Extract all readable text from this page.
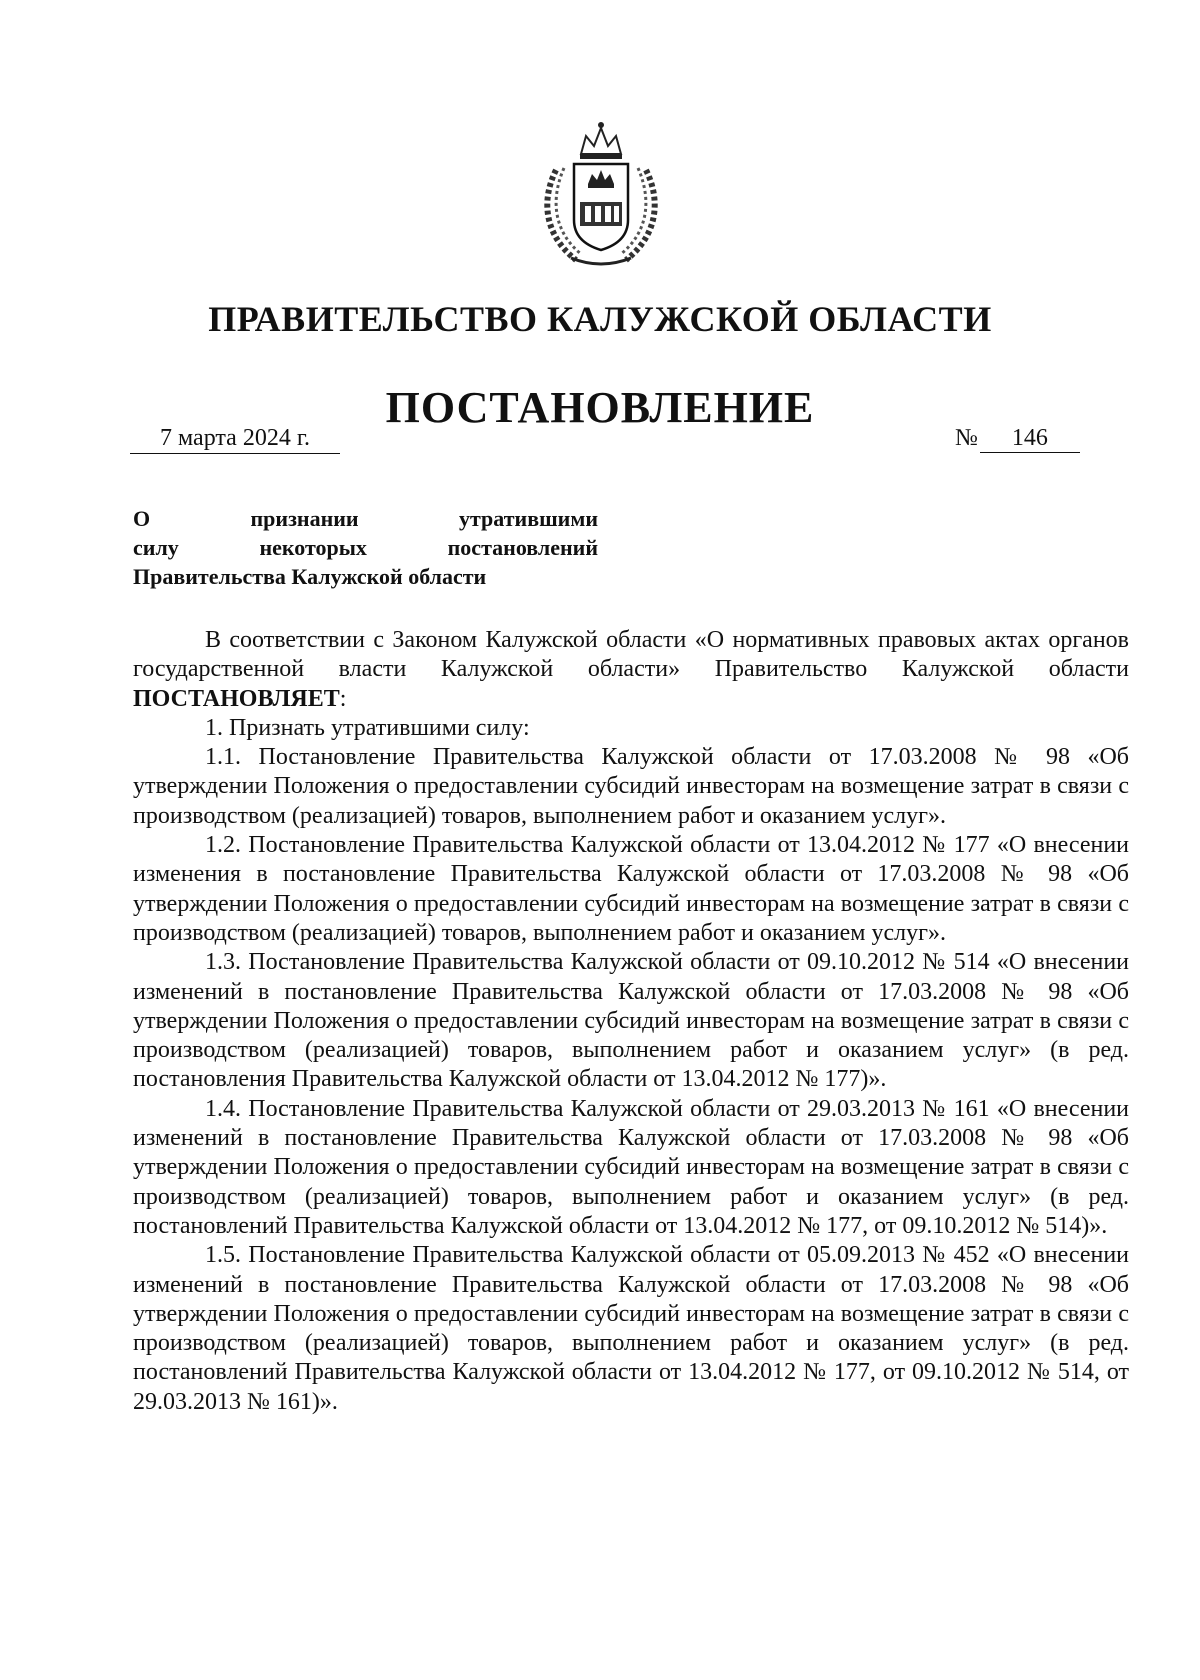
ПРАВИТЕЛЬСТВО КАЛУЖСКОЙ ОБЛАСТИ
ПОСТАНОВЛЕНИЕ
7 марта 2024 г.	№ 146
О признании утратившими
силу некоторых постановлений
Правительства Калужской области

В соответствии с Законом Калужской области «О нормативных правовых актах органов государственной власти Калужской области» Правительство Калужской области ПОСТАНОВЛЯЕТ:

1. Признать утратившими силу:

1.1. Постановление Правительства Калужской области от 17.03.2008 № 98 «Об утверждении Положения о предоставлении субсидий инвесторам на возмещение затрат в связи с производством (реализацией) товаров, выполнением работ и оказанием услуг».

1.2. Постановление Правительства Калужской области от 13.04.2012 № 177 «О внесении изменения в постановление Правительства Калужской области от 17.03.2008 № 98 «Об утверждении Положения о предоставлении субсидий инвесторам на возмещение затрат в связи с производством (реализацией) товаров, выполнением работ и оказанием услуг».

1.3. Постановление Правительства Калужской области от 09.10.2012 № 514 «О внесении изменений в постановление Правительства Калужской области от 17.03.2008 № 98 «Об утверждении Положения о предоставлении субсидий инвесторам на возмещение затрат в связи с производством (реализацией) товаров, выполнением работ и оказанием услуг» (в ред. постановления Правительства Калужской области от 13.04.2012 № 177)».

1.4. Постановление Правительства Калужской области от 29.03.2013 № 161 «О внесении изменений в постановление Правительства Калужской области от 17.03.2008 № 98 «Об утверждении Положения о предоставлении субсидий инвесторам на возмещение затрат в связи с производством (реализацией) товаров, выполнением работ и оказанием услуг» (в ред. постановлений Правительства Калужской области от 13.04.2012 № 177, от 09.10.2012 № 514)».

1.5. Постановление Правительства Калужской области от 05.09.2013 № 452 «О внесении изменений в постановление Правительства Калужской области от 17.03.2008 № 98 «Об утверждении Положения о предоставлении субсидий инвесторам на возмещение затрат в связи с производством (реализацией) товаров, выполнением работ и оказанием услуг» (в ред. постановлений Правительства Калужской области от 13.04.2012 № 177, от 09.10.2012 № 514, от 29.03.2013 № 161)».
